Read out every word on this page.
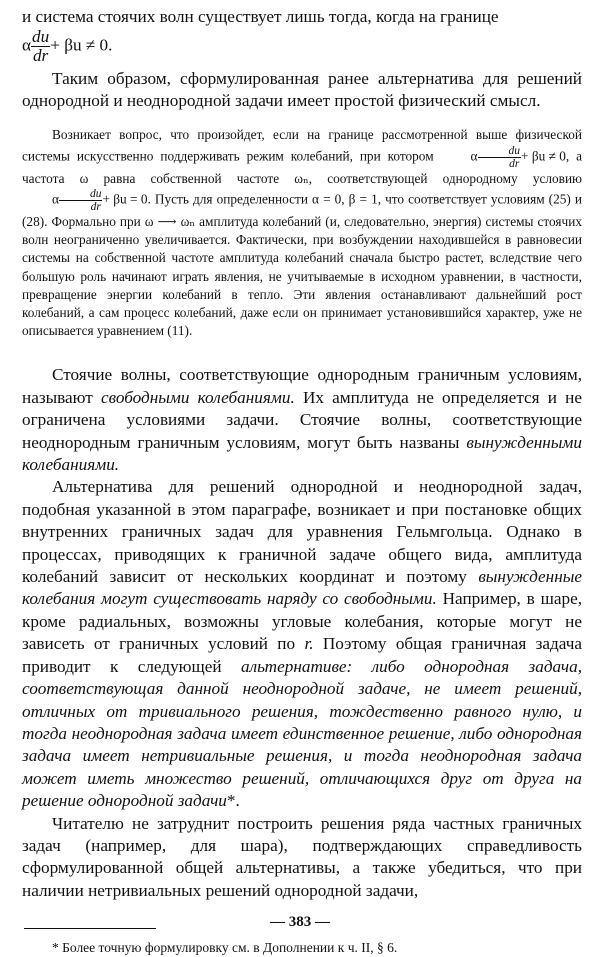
и система стоячих волн существует лишь тогда, когда на границе

α $\frac{du}{dr} + \beta u \ne 0$.

Таким образом, сформулированная ранее альтернатива для решений однородной и неоднородной задачи имеет простой физический смысл.

Возникает вопрос, что произойдет, если на границе рассмотренной выше физической системы искусственно поддерживать режим колебаний, при котором	α $\frac{du}{dr} + \beta u \ne 0$, а частота ω равна собственной частоте ωₙ, соответствующей однородному условию α $\frac{du}{dr} + \beta u = 0$. Пусть для определенности α = 0, β = 1, что соответствует условиям (25) и (28). Формально при ω ⟶ ωₙ амплитуда колебаний (и, следовательно, энергия) системы стоячих волн неограниченно увеличивается. Фактически, при возбуждении находившейся в равновесии системы на собственной частоте амплитуда колебаний сначала быстро растет, вследствие чего большую роль начинают играть явления, не учитываемые в исходном уравнении, в частности, превращение энергии колебаний в тепло. Эти явления останавливают дальнейший рост колебаний, а сам процесс колебаний, даже если он принимает установившийся характер, уже не описывается уравнением (11).

Стоячие волны, соответствующие однородным граничным условиям, называют свободными колебаниями. Их амплитуда не определяется и не ограничена условиями задачи. Стоячие волны, соответствующие неоднородным граничным условиям, могут быть названы вынужденными колебаниями.

Альтернатива для решений однородной и неоднородной задач, подобная указанной в этом параграфе, возникает и при постановке общих внутренних граничных задач для уравнения Гельмгольца. Однако в процессах, приводящих к граничной задаче общего вида, амплитуда колебаний зависит от нескольких координат и поэтому вынужденные колебания могут существовать наряду со свободными. Например, в шаре, кроме радиальных, возможны угловые колебания, которые могут не зависеть от граничных условий по r. Поэтому общая граничная задача приводит к следующей альтернативе: либо однородная задача, соответствующая данной неоднородной задаче, не имеет решений, отличных от тривиального решения, тождественно равного нулю, и тогда неоднородная задача имеет единственное решение, либо однородная задача имеет нетривиальные решения, и тогда неоднородная задача может иметь множество решений, отличающихся друг от друга на решение однородной задачи*.

Читателю не затруднит построить решения ряда частных граничных задач (например, для шара), подтверждающих справедливость сформулированной общей альтернативы, а также убедиться, что при наличии нетривиальных решений однородной задачи,

* Более точную формулировку см. в Дополнении к ч. II, § 6.

— 383 —
